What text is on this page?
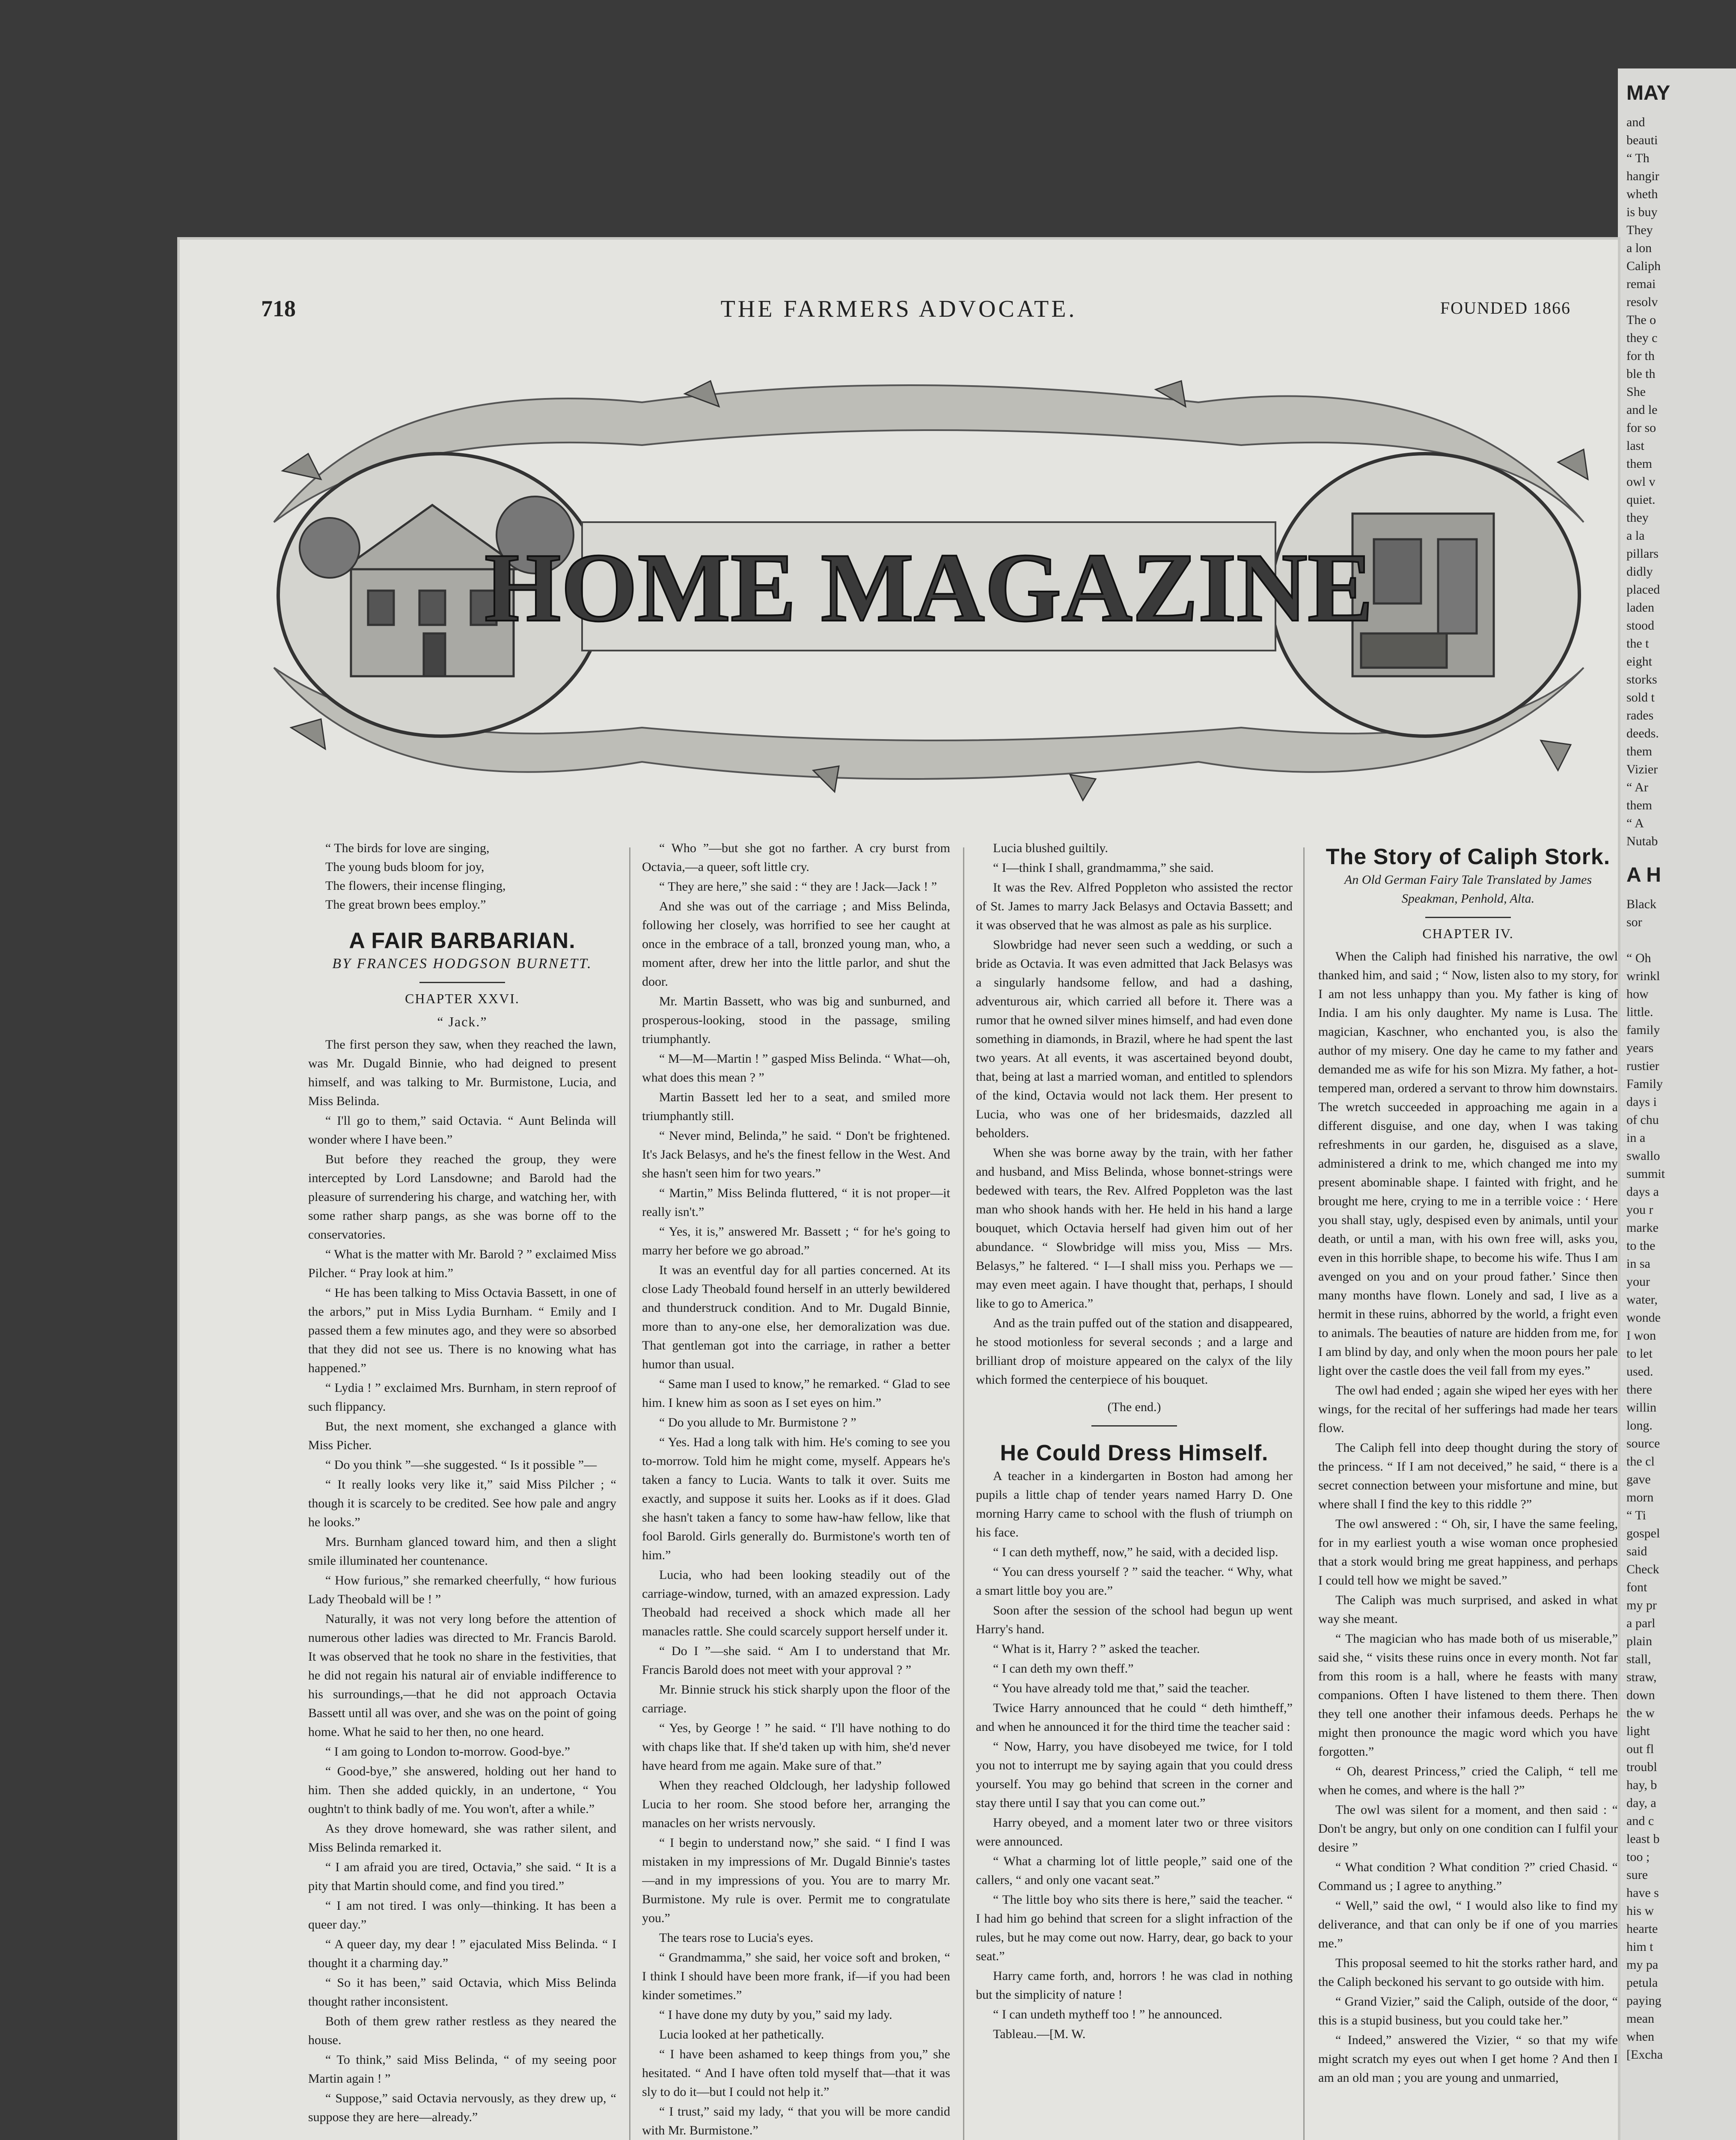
MAY
and
beauti
“ Th
hangir
wheth
is buy
They
a lon
Caliph
remai
resolv
The o
they c
for th
ble th
She
and le
for so
last
them
owl v
quiet.
they
a la
pillars
didly
placed
laden
stood
the t
eight
storks
sold t
rades
deeds.
them
Vizier
“ Ar
them
“ A
Nutab
A H
Black
sor

“ Oh
wrinkl
how
little.
family
years
rustier
Family
days i
of chu
in a
swallo
summit
days a
you r
marke
to the
in sa
your
water,
wonde
I won
to let
used.
there
willin
long.
source
the cl
gave
morn
“ Ti
gospel
said
Check
font
my pr
a parl
plain
stall,
straw,
down
the w
light
out fl
troubl
hay, b
day, a
and c
least b
too ;
sure
have s
his w
hearte
him t
my pa
petula
paying
mean
when
[Excha
718	THE FARMERS ADVOCATE.	FOUNDED 1866
HOME MAGAZINE

“ The birds for love are singing,
The young buds bloom for joy,
The flowers, their incense flinging,
The great brown bees employ.”

A FAIR BARBARIAN.

BY FRANCES HODGSON BURNETT.

CHAPTER XXVI.

“ Jack.”

The first person they saw, when they reached the lawn, was Mr. Dugald Binnie, who had deigned to present himself, and was talking to Mr. Burmistone, Lucia, and Miss Belinda.

“ I'll go to them,” said Octavia. “ Aunt Belinda will wonder where I have been.”

But before they reached the group, they were intercepted by Lord Lansdowne; and Barold had the pleasure of surrendering his charge, and watching her, with some rather sharp pangs, as she was borne off to the conservatories.

“ What is the matter with Mr. Barold ? ” exclaimed Miss Pilcher. “ Pray look at him.”

“ He has been talking to Miss Octavia Bassett, in one of the arbors,” put in Miss Lydia Burnham. “ Emily and I passed them a few minutes ago, and they were so absorbed that they did not see us. There is no knowing what has happened.”

“ Lydia ! ” exclaimed Mrs. Burnham, in stern reproof of such flippancy.

But, the next moment, she exchanged a glance with Miss Picher.

“ Do you think ”—she suggested. “ Is it possible ”—

“ It really looks very like it,” said Miss Pilcher ; “ though it is scarcely to be credited. See how pale and angry he looks.”

Mrs. Burnham glanced toward him, and then a slight smile illuminated her countenance.

“ How furious,” she remarked cheerfully, “ how furious Lady Theobald will be ! ”

Naturally, it was not very long before the attention of numerous other ladies was directed to Mr. Francis Barold. It was observed that he took no share in the festivities, that he did not regain his natural air of enviable indifference to his surroundings,—that he did not approach Octavia Bassett until all was over, and she was on the point of going home. What he said to her then, no one heard.

“ I am going to London to-morrow. Good-bye.”

“ Good-bye,” she answered, holding out her hand to him. Then she added quickly, in an undertone, “ You oughtn't to think badly of me. You won't, after a while.”

As they drove homeward, she was rather silent, and Miss Belinda remarked it.

“ I am afraid you are tired, Octavia,” she said. “ It is a pity that Martin should come, and find you tired.”

“ I am not tired. I was only—thinking. It has been a queer day.”

“ A queer day, my dear ! ” ejaculated Miss Belinda. “ I thought it a charming day.”

“ So it has been,” said Octavia, which Miss Belinda thought rather inconsistent.

Both of them grew rather restless as they neared the house.

“ To think,” said Miss Belinda, “ of my seeing poor Martin again ! ”

“ Suppose,” said Octavia nervously, as they drew up, “ suppose they are here—already.”

“ Who ”—but she got no farther. A cry burst from Octavia,—a queer, soft little cry.

“ They are here,” she said : “ they are ! Jack—Jack ! ”

And she was out of the carriage ; and Miss Belinda, following her closely, was horrified to see her caught at once in the embrace of a tall, bronzed young man, who, a moment after, drew her into the little parlor, and shut the door.

Mr. Martin Bassett, who was big and sunburned, and prosperous-looking, stood in the passage, smiling triumphantly.

“ M—M—Martin ! ” gasped Miss Belinda. “ What—oh, what does this mean ? ”

Martin Bassett led her to a seat, and smiled more triumphantly still.

“ Never mind, Belinda,” he said. “ Don't be frightened. It's Jack Belasys, and he's the finest fellow in the West. And she hasn't seen him for two years.”

“ Martin,” Miss Belinda fluttered, “ it is not proper—it really isn't.”

“ Yes, it is,” answered Mr. Bassett ; “ for he's going to marry her before we go abroad.”

It was an eventful day for all parties concerned. At its close Lady Theobald found herself in an utterly bewildered and thunderstruck condition. And to Mr. Dugald Binnie, more than to any-one else, her demoralization was due. That gentleman got into the carriage, in rather a better humor than usual.

“ Same man I used to know,” he remarked. “ Glad to see him. I knew him as soon as I set eyes on him.”

“ Do you allude to Mr. Burmistone ? ”

“ Yes. Had a long talk with him. He's coming to see you to-morrow. Told him he might come, myself. Appears he's taken a fancy to Lucia. Wants to talk it over. Suits me exactly, and suppose it suits her. Looks as if it does. Glad she hasn't taken a fancy to some haw-haw fellow, like that fool Barold. Girls generally do. Burmistone's worth ten of him.”

Lucia, who had been looking steadily out of the carriage-window, turned, with an amazed expression. Lady Theobald had received a shock which made all her manacles rattle. She could scarcely support herself under it.

“ Do I ”—she said. “ Am I to understand that Mr. Francis Barold does not meet with your approval ? ”

Mr. Binnie struck his stick sharply upon the floor of the carriage.

“ Yes, by George ! ” he said. “ I'll have nothing to do with chaps like that. If she'd taken up with him, she'd never have heard from me again. Make sure of that.”

When they reached Oldclough, her ladyship followed Lucia to her room. She stood before her, arranging the manacles on her wrists nervously.

“ I begin to understand now,” she said. “ I find I was mistaken in my impressions of Mr. Dugald Binnie's tastes—and in my impressions of you. You are to marry Mr. Burmistone. My rule is over. Permit me to congratulate you.”

The tears rose to Lucia's eyes.

“ Grandmamma,” she said, her voice soft and broken, “ I think I should have been more frank, if—if you had been kinder sometimes.”

“ I have done my duty by you,” said my lady.

Lucia looked at her pathetically.

“ I have been ashamed to keep things from you,” she hesitated. “ And I have often told myself that—that it was sly to do it—but I could not help it.”

“ I trust,” said my lady, “ that you will be more candid with Mr. Burmistone.”

Lucia blushed guiltily.

“ I—think I shall, grandmamma,” she said.

It was the Rev. Alfred Poppleton who assisted the rector of St. James to marry Jack Belasys and Octavia Bassett; and it was observed that he was almost as pale as his surplice.

Slowbridge had never seen such a wedding, or such a bride as Octavia. It was even admitted that Jack Belasys was a singularly handsome fellow, and had a dashing, adventurous air, which carried all before it. There was a rumor that he owned silver mines himself, and had even done something in diamonds, in Brazil, where he had spent the last two years. At all events, it was ascertained beyond doubt, that, being at last a married woman, and entitled to splendors of the kind, Octavia would not lack them. Her present to Lucia, who was one of her bridesmaids, dazzled all beholders.

When she was borne away by the train, with her father and husband, and Miss Belinda, whose bonnet-strings were bedewed with tears, the Rev. Alfred Poppleton was the last man who shook hands with her. He held in his hand a large bouquet, which Octavia herself had given him out of her abundance. “ Slowbridge will miss you, Miss — Mrs. Belasys,” he faltered. “ I—I shall miss you. Perhaps we — may even meet again. I have thought that, perhaps, I should like to go to America.”

And as the train puffed out of the station and disappeared, he stood motionless for several seconds ; and a large and brilliant drop of moisture appeared on the calyx of the lily which formed the centerpiece of his bouquet.

(The end.)

He Could Dress Himself.

A teacher in a kindergarten in Boston had among her pupils a little chap of tender years named Harry D. One morning Harry came to school with the flush of triumph on his face.

“ I can deth mytheff, now,” he said, with a decided lisp.

“ You can dress yourself ? ” said the teacher. “ Why, what a smart little boy you are.”

Soon after the session of the school had begun up went Harry's hand.

“ What is it, Harry ? ” asked the teacher.

“ I can deth my own theff.”

“ You have already told me that,” said the teacher.

Twice Harry announced that he could “ deth himtheff,” and when he announced it for the third time the teacher said :

“ Now, Harry, you have disobeyed me twice, for I told you not to interrupt me by saying again that you could dress yourself. You may go behind that screen in the corner and stay there until I say that you can come out.”

Harry obeyed, and a moment later two or three visitors were announced.

“ What a charming lot of little people,” said one of the callers, “ and only one vacant seat.”

“ The little boy who sits there is here,” said the teacher. “ I had him go behind that screen for a slight infraction of the rules, but he may come out now. Harry, dear, go back to your seat.”

Harry came forth, and, horrors ! he was clad in nothing but the simplicity of nature !

“ I can undeth mytheff too ! ” he announced.

Tableau.—[M. W.

The Story of Caliph Stork.

An Old German Fairy Tale Translated by James Speakman, Penhold, Alta.

CHAPTER IV.

When the Caliph had finished his narrative, the owl thanked him, and said ; “ Now, listen also to my story, for I am not less unhappy than you. My father is king of India. I am his only daughter. My name is Lusa. The magician, Kaschner, who enchanted you, is also the author of my misery. One day he came to my father and demanded me as wife for his son Mizra. My father, a hot-tempered man, ordered a servant to throw him downstairs. The wretch succeeded in approaching me again in a different disguise, and one day, when I was taking refreshments in our garden, he, disguised as a slave, administered a drink to me, which changed me into my present abominable shape. I fainted with fright, and he brought me here, crying to me in a terrible voice : ‘ Here you shall stay, ugly, despised even by animals, until your death, or until a man, with his own free will, asks you, even in this horrible shape, to become his wife. Thus I am avenged on you and on your proud father.’ Since then many months have flown. Lonely and sad, I live as a hermit in these ruins, abhorred by the world, a fright even to animals. The beauties of nature are hidden from me, for I am blind by day, and only when the moon pours her pale light over the castle does the veil fall from my eyes.”

The owl had ended ; again she wiped her eyes with her wings, for the recital of her sufferings had made her tears flow.

The Caliph fell into deep thought during the story of the princess. “ If I am not deceived,” he said, “ there is a secret connection between your misfortune and mine, but where shall I find the key to this riddle ?”

The owl answered : “ Oh, sir, I have the same feeling, for in my earliest youth a wise woman once prophesied that a stork would bring me great happiness, and perhaps I could tell how we might be saved.”

The Caliph was much surprised, and asked in what way she meant.

“ The magician who has made both of us miserable,” said she, “ visits these ruins once in every month. Not far from this room is a hall, where he feasts with many companions. Often I have listened to them there. Then they tell one another their infamous deeds. Perhaps he might then pronounce the magic word which you have forgotten.”

“ Oh, dearest Princess,” cried the Caliph, “ tell me when he comes, and where is the hall ?”

The owl was silent for a moment, and then said : “ Don't be angry, but only on one condition can I fulfil your desire ”

“ What condition ? What condition ?” cried Chasid. “ Command us ; I agree to anything.”

“ Well,” said the owl, “ I would also like to find my deliverance, and that can only be if one of you marries me.”

This proposal seemed to hit the storks rather hard, and the Caliph beckoned his servant to go outside with him.

“ Grand Vizier,” said the Caliph, outside of the door, “ this is a stupid business, but you could take her.”

“ Indeed,” answered the Vizier, “ so that my wife might scratch my eyes out when I get home ? And then I am an old man ; you are young and unmarried,
